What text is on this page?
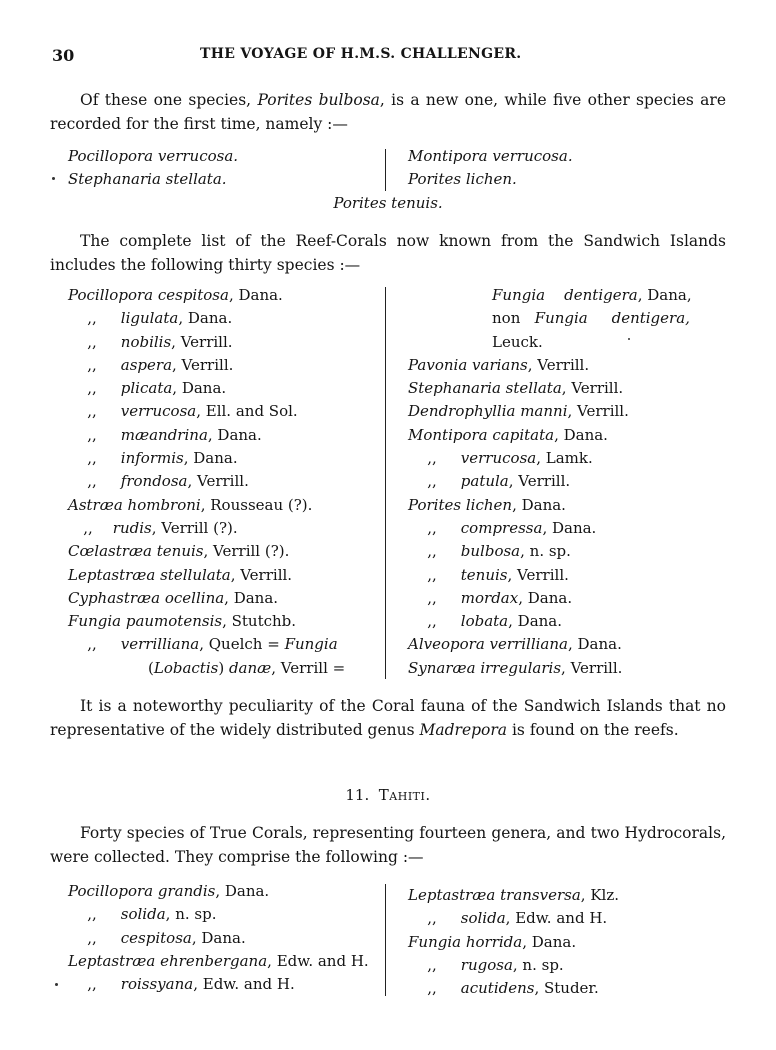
30	THE VOYAGE OF H.M.S. CHALLENGER.
Of these one species, Porites bulbosa, is a new one, while five other species are recorded for the first time, namely :—
Pocillopora verrucosa.
Stephanaria stellata.
Montipora verrucosa.
Porites lichen.
Porites tenuis.
The complete list of the Reef-Corals now known from the Sandwich Islands includes the following thirty species :—
Pocillopora cespitosa, Dana.
,, ligulata, Dana.
,, nobilis, Verrill.
,, aspera, Verrill.
,, plicata, Dana.
,, verrucosa, Ell. and Sol.
,, mæandrina, Dana.
,, informis, Dana.
,, frondosa, Verrill.
Astræa hombroni, Rousseau (?).
,, rudis, Verrill (?).
Cœlastræa tenuis, Verrill (?).
Leptastræa stellulata, Verrill.
Cyphastræa ocellina, Dana.
Fungia paumotensis, Stutchb.
,, verrilliana, Quelch = Fungia
(Lobactis) danæ, Verrill =
Fungia dentigera, Dana,
non Fungia dentigera,
Leuck.
Pavonia varians, Verrill.
Stephanaria stellata, Verrill.
Dendrophyllia manni, Verrill.
Montipora capitata, Dana.
,, verrucosa, Lamk.
,, patula, Verrill.
Porites lichen, Dana.
,, compressa, Dana.
,, bulbosa, n. sp.
,, tenuis, Verrill.
,, mordax, Dana.
,, lobata, Dana.
Alveopora verrilliana, Dana.
Synaræa irregularis, Verrill.
It is a noteworthy peculiarity of the Coral fauna of the Sandwich Islands that no representative of the widely distributed genus Madrepora is found on the reefs.
11. Tahiti.
Forty species of True Corals, representing fourteen genera, and two Hydrocorals, were collected. They comprise the following :—
Pocillopora grandis, Dana.
,, solida, n. sp.
,, cespitosa, Dana.
Leptastræa ehrenbergana, Edw. and H.
,, roissyana, Edw. and H.
Leptastræa transversa, Klz.
,, solida, Edw. and H.
Fungia horrida, Dana.
,, rugosa, n. sp.
,, acutidens, Studer.
